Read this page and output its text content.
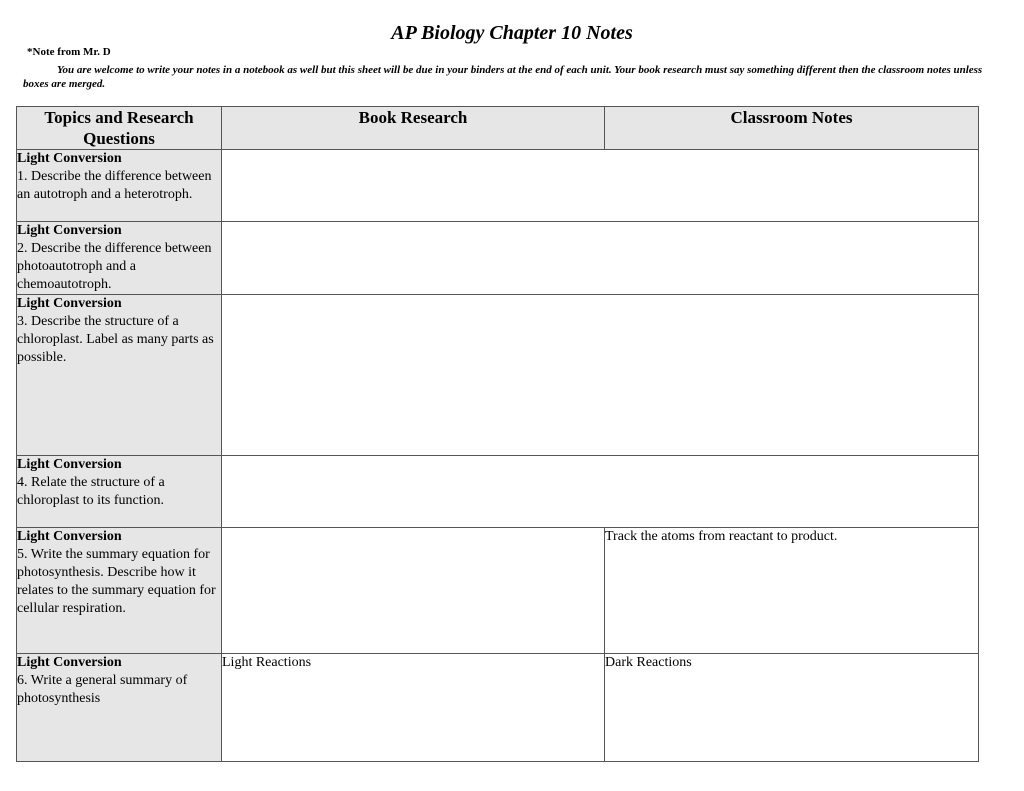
AP Biology Chapter 10 Notes
*Note from Mr. D
You are welcome to write your notes in a notebook as well but this sheet will be due in your binders at the end of each unit. Your book research must say something different then the classroom notes unless boxes are merged.
Topics and Research Questions	Book Research	Classroom Notes

Light Conversion
1. Describe the difference between an autotroph and a heterotroph.		

Light Conversion
2. Describe the difference between photoautotroph and a chemoautotroph.		

Light Conversion
3. Describe the structure of a chloroplast. Label as many parts as possible.		

Light Conversion
4. Relate the structure of a chloroplast to its function.		

Light Conversion
5. Write the summary equation for photosynthesis. Describe how it relates to the summary equation for cellular respiration.		Track the atoms from reactant to product.

Light Conversion
6. Write a general summary of photosynthesis	Light Reactions	Dark Reactions
